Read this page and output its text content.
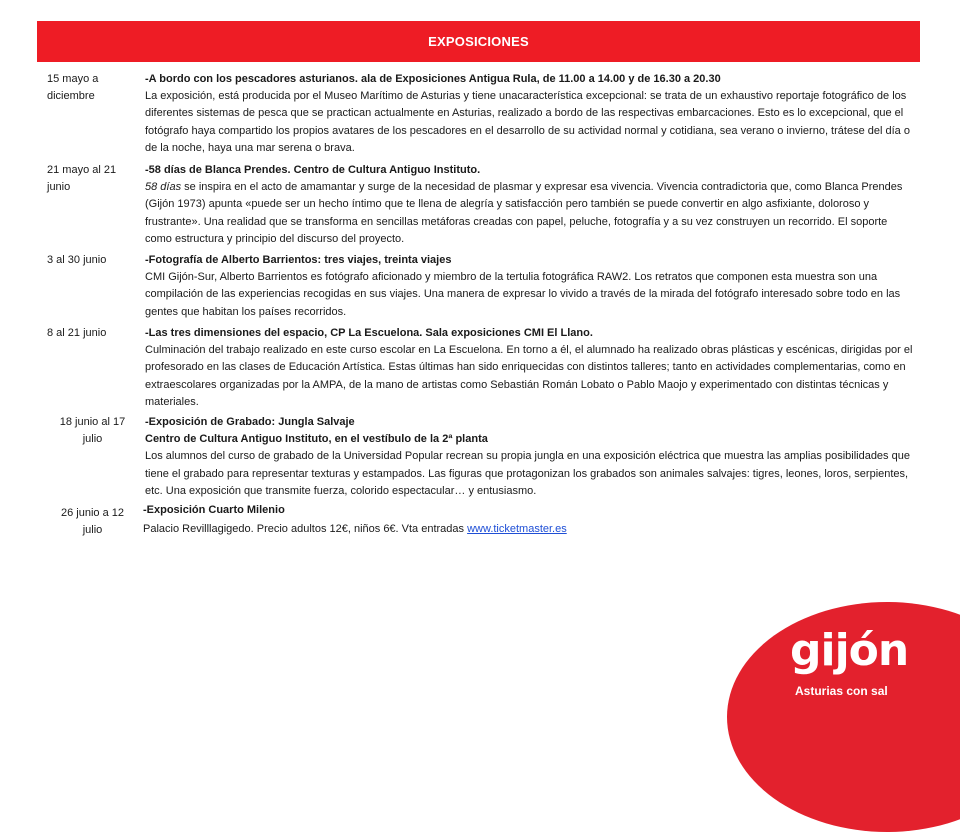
EXPOSICIONES
15 mayo a
diciembre
-A bordo con los pescadores asturianos. ala de Exposiciones Antigua Rula, de 11.00 a 14.00 y de 16.30 a 20.30
La exposición, está producida por el Museo Marítimo de Asturias y tiene unacaracterística excepcional: se trata de un exhaustivo reportaje fotográfico de los diferentes sistemas de pesca que se practican actualmente en Asturias, realizado a bordo de las respectivas embarcaciones. Esto es lo excepcional, que el fotógrafo haya compartido los propios avatares de los pescadores en el desarrollo de su actividad normal y cotidiana, sea verano o invierno, trátese del día o de la noche, haya una mar serena o brava.
21 mayo al 21
junio
-58 días de Blanca Prendes. Centro de Cultura Antiguo Instituto.
58 días se inspira en el acto de amamantar y surge de la necesidad de plasmar y expresar esa vivencia. Vivencia contradictoria que, como Blanca Prendes (Gijón 1973) apunta «puede ser un hecho íntimo que te llena de alegría y satisfacción pero también se puede convertir en algo asfixiante, doloroso y frustrante». Una realidad que se transforma en sencillas metáforas creadas con papel, peluche, fotografía y a su vez construyen un recorrido. El soporte como estructura y principio del discurso del proyecto.
3 al 30 junio	-Fotografía de Alberto Barrientos: tres viajes, treinta viajes
CMI Gijón-Sur, Alberto Barrientos es fotógrafo aficionado y miembro de la tertulia fotográfica RAW2. Los retratos que componen esta muestra son una compilación de las experiencias recogidas en sus viajes. Una manera de expresar lo vivido a través de la mirada del fotógrafo interesado sobre todo en las gentes que habitan los países recorridos.
8 al 21 junio	-Las tres dimensiones del espacio, CP La Escuelona. Sala exposiciones CMI El Llano.
Culminación del trabajo realizado en este curso escolar en La Escuelona. En torno a él, el alumnado ha realizado obras plásticas y escénicas, dirigidas por el profesorado en las clases de Educación Artística. Estas últimas han sido enriquecidas con distintos talleres; tanto en actividades complementarias, como en extraescolares organizadas por la AMPA, de la mano de artistas como Sebastián Román Lobato o Pablo Maojo y experimentado con distintas técnicas y materiales.
18 junio al 17
julio
-Exposición de Grabado: Jungla Salvaje
Centro de Cultura Antiguo Instituto, en el vestíbulo de la 2ª planta
Los alumnos del curso de grabado de la Universidad Popular recrean su propia jungla en una exposición eléctrica que muestra las amplias posibilidades que tiene el grabado para representar texturas y estampados. Las figuras que protagonizan los grabados son animales salvajes: tigres, leones, loros, serpientes, etc. Una exposición que transmite fuerza, colorido espectacular… y entusiasmo.
26 junio a 12
julio
-Exposición Cuarto Milenio
Palacio Revilllagigedo. Precio adultos 12€, niños 6€. Vta entradas www.ticketmaster.es
gijón
Asturias con sal
